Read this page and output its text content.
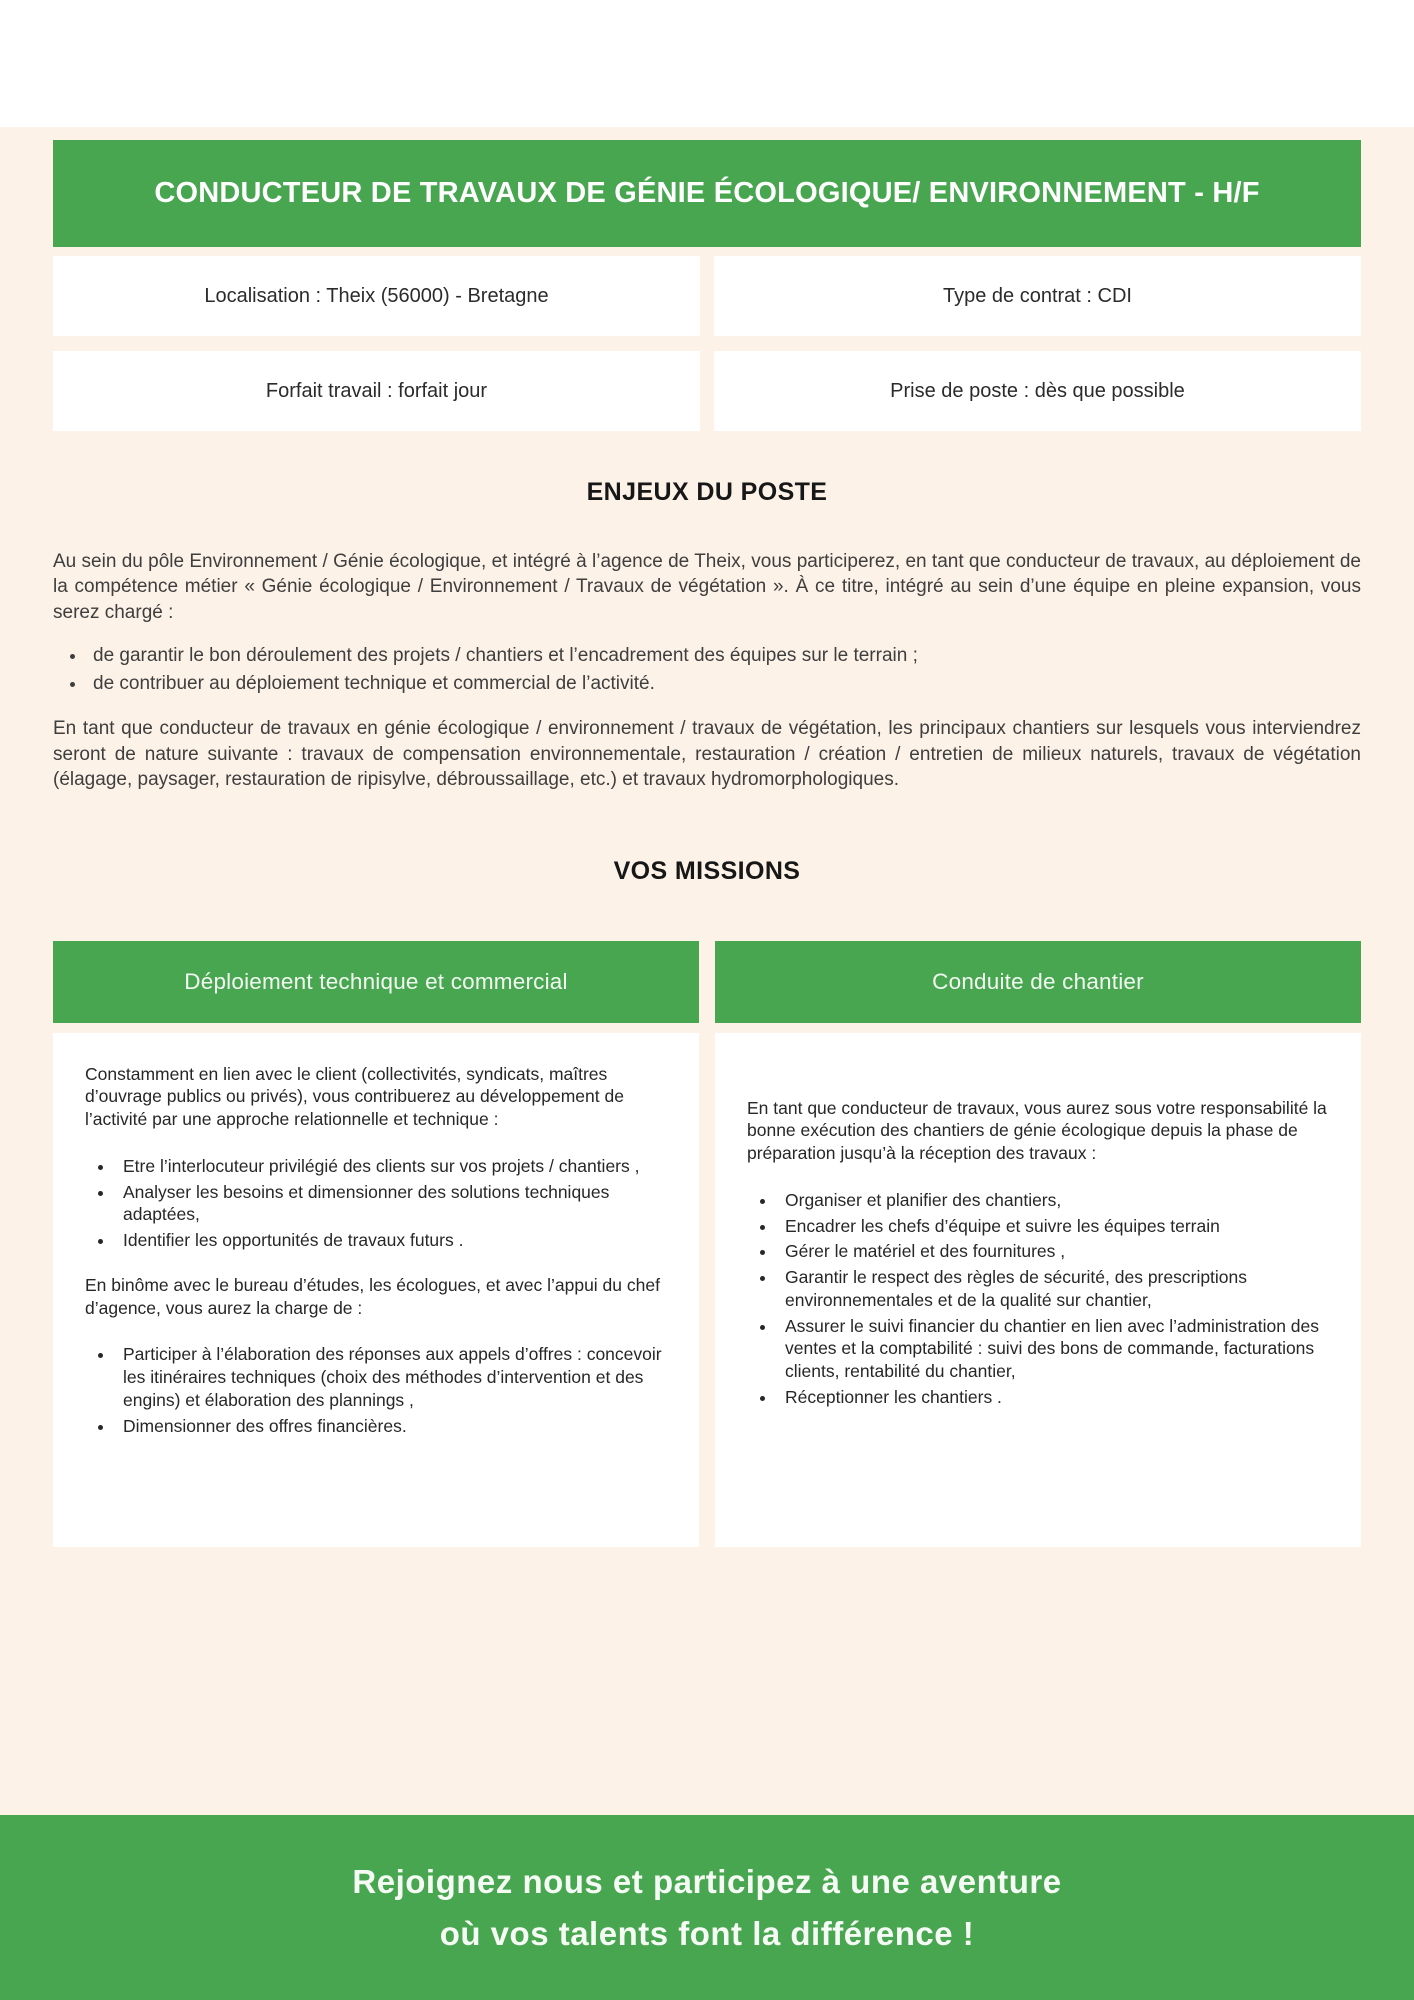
CONDUCTEUR DE TRAVAUX DE GÉNIE ÉCOLOGIQUE/ ENVIRONNEMENT - H/F
Localisation : Theix (56000) - Bretagne	Type de contrat : CDI
Forfait travail : forfait jour	Prise de poste : dès que possible
ENJEUX DU POSTE

Au sein du pôle Environnement / Génie écologique, et intégré à l’agence de Theix, vous participerez, en tant que conducteur de travaux, au déploiement de la compétence métier « Génie écologique / Environnement / Travaux de végétation ». À ce titre, intégré au sein d’une équipe en pleine expansion, vous serez chargé :

• de garantir le bon déroulement des projets / chantiers et l’encadrement des équipes sur le terrain ;
• de contribuer au déploiement technique et commercial de l’activité.

En tant que conducteur de travaux en génie écologique / environnement / travaux de végétation, les principaux chantiers sur lesquels vous interviendrez seront de nature suivante : travaux de compensation environnementale, restauration / création / entretien de milieux naturels, travaux de végétation (élagage, paysager, restauration de ripisylve, débroussaillage, etc.) et travaux hydromorphologiques.

VOS MISSIONS
Déploiement technique et commercial

Constamment en lien avec le client (collectivités, syndicats, maîtres d’ouvrage publics ou privés), vous contribuerez au développement de l’activité par une approche relationnelle et technique :

• Etre l’interlocuteur privilégié des clients sur vos projets / chantiers ,
• Analyser les besoins et dimensionner des solutions techniques adaptées,
• Identifier les opportunités de travaux futurs .

En binôme avec le bureau d’études, les écologues, et avec l’appui du chef d’agence, vous aurez la charge de :

• Participer à l’élaboration des réponses aux appels d’offres : concevoir les itinéraires techniques (choix des méthodes d’intervention et des engins) et élaboration des plannings ,
• Dimensionner des offres financières.
Conduite de chantier

En tant que conducteur de travaux, vous aurez sous votre responsabilité la bonne exécution des chantiers de génie écologique depuis la phase de préparation jusqu’à la réception des travaux :

• Organiser et planifier des chantiers,
• Encadrer les chefs d’équipe et suivre les équipes terrain
• Gérer le matériel et des fournitures ,
• Garantir le respect des règles de sécurité, des prescriptions environnementales et de la qualité sur chantier,
• Assurer le suivi financier du chantier en lien avec l’administration des ventes et la comptabilité : suivi des bons de commande, facturations clients, rentabilité du chantier,
• Réceptionner les chantiers .
Rejoignez nous et participez à une aventure
où vos talents font la différence !
